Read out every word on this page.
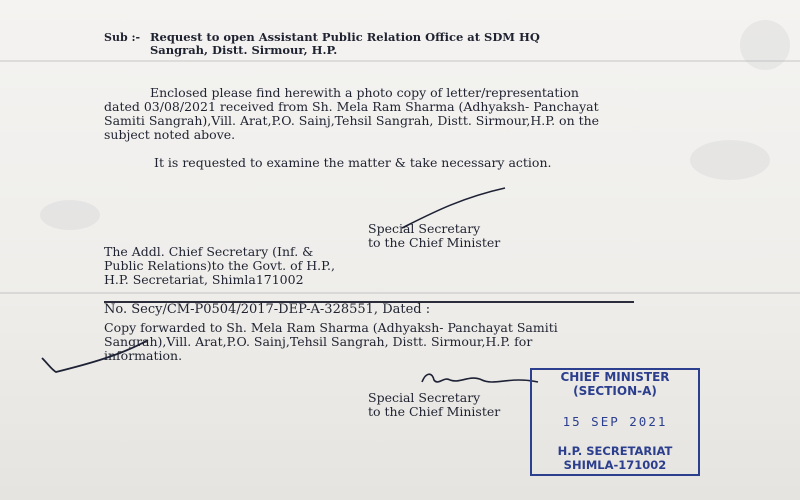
Sub :- Request to open Assistant Public Relation Office at SDM HQ
Sangrah, Distt. Sirmour, H.P.
Enclosed please find herewith a photo copy of letter/representation
dated 03/08/2021 received from Sh. Mela Ram Sharma (Adhyaksh- Panchayat
Samiti Sangrah),Vill. Arat,P.O. Sainj,Tehsil Sangrah, Distt. Sirmour,H.P. on the
subject noted above.
It is requested to examine the matter & take necessary action.
Special Secretary
to the Chief Minister
The Addl. Chief Secretary (Inf. &
Public Relations)to the Govt. of H.P.,
H.P. Secretariat, Shimla171002
No. Secy/CM-P0504/2017-DEP-A-328551, Dated :
Copy forwarded to Sh. Mela Ram Sharma (Adhyaksh- Panchayat Samiti
Sangrah),Vill. Arat,P.O. Sainj,Tehsil Sangrah, Distt. Sirmour,H.P. for
information.
Special Secretary
to the Chief Minister
CHIEF MINISTER
(SECTION-A)
15 SEP 2021
H.P. SECRETARIAT
SHIMLA-171002
